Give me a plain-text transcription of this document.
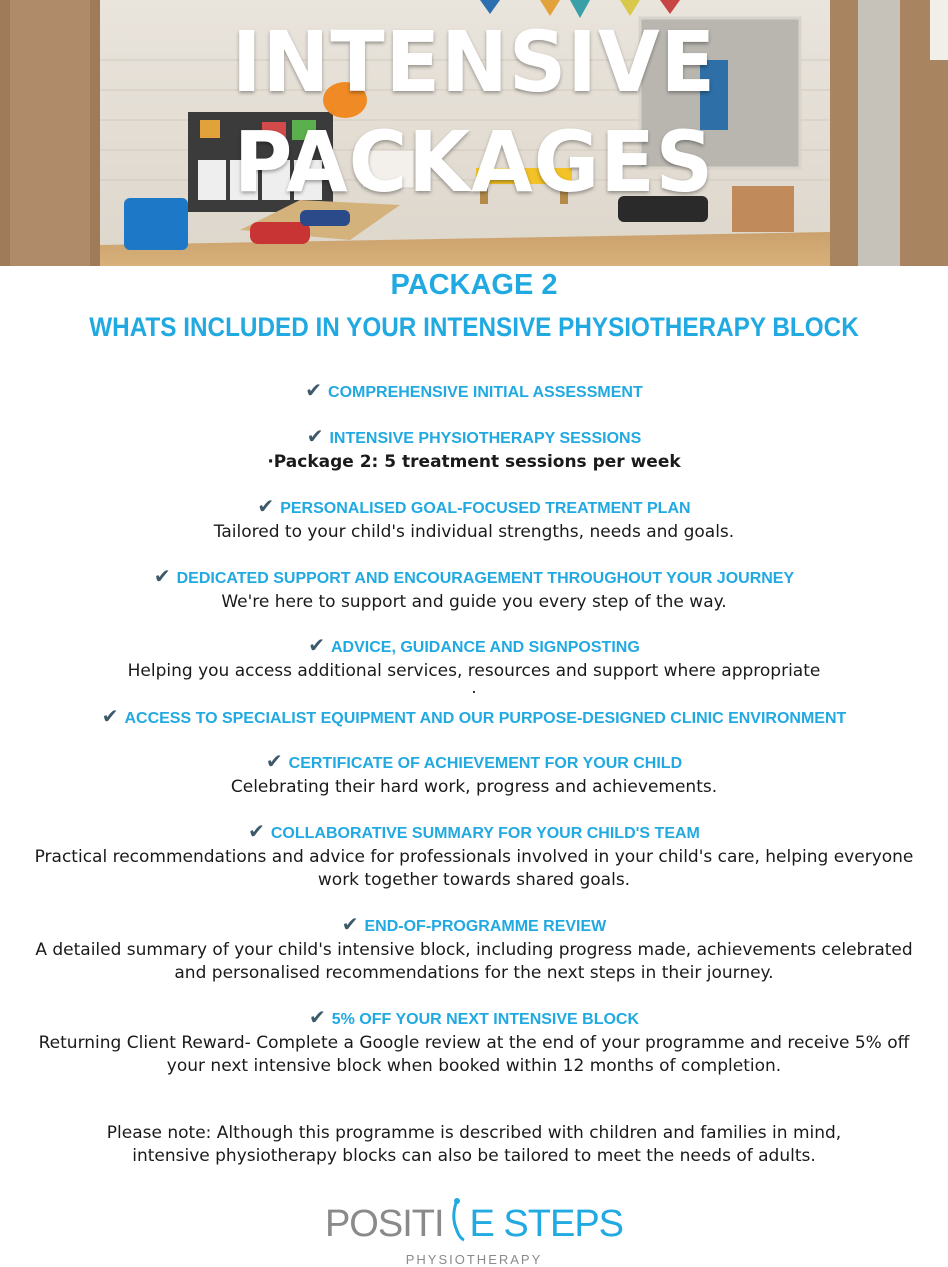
INTENSIVE PACKAGES
PACKAGE 2
WHATS INCLUDED IN YOUR INTENSIVE PHYSIOTHERAPY BLOCK
✔ COMPREHENSIVE INITIAL ASSESSMENT
✔ INTENSIVE PHYSIOTHERAPY SESSIONS
·Package 2: 5 treatment sessions per week
✔ PERSONALISED GOAL-FOCUSED TREATMENT PLAN
Tailored to your child's individual strengths, needs and goals.
✔ DEDICATED SUPPORT AND ENCOURAGEMENT THROUGHOUT YOUR JOURNEY
We're here to support and guide you every step of the way.
✔ ADVICE, GUIDANCE AND SIGNPOSTING
Helping you access additional services, resources and support where appropriate
.
✔ ACCESS TO SPECIALIST EQUIPMENT AND OUR PURPOSE-DESIGNED CLINIC ENVIRONMENT
✔ CERTIFICATE OF ACHIEVEMENT FOR YOUR CHILD
Celebrating their hard work, progress and achievements.
✔ COLLABORATIVE SUMMARY FOR YOUR CHILD'S TEAM
Practical recommendations and advice for professionals involved in your child's care, helping everyone work together towards shared goals.
✔ END-OF-PROGRAMME REVIEW
A detailed summary of your child's intensive block, including progress made, achievements celebrated and personalised recommendations for the next steps in their journey.
✔ 5% OFF YOUR NEXT INTENSIVE BLOCK
Returning Client Reward- Complete a Google review at the end of your programme and receive 5% off your next intensive block when booked within 12 months of completion.
Please note: Although this programme is described with children and families in mind, intensive physiotherapy blocks can also be tailored to meet the needs of adults.
POSITI E STEPS
PHYSIOTHERAPY
